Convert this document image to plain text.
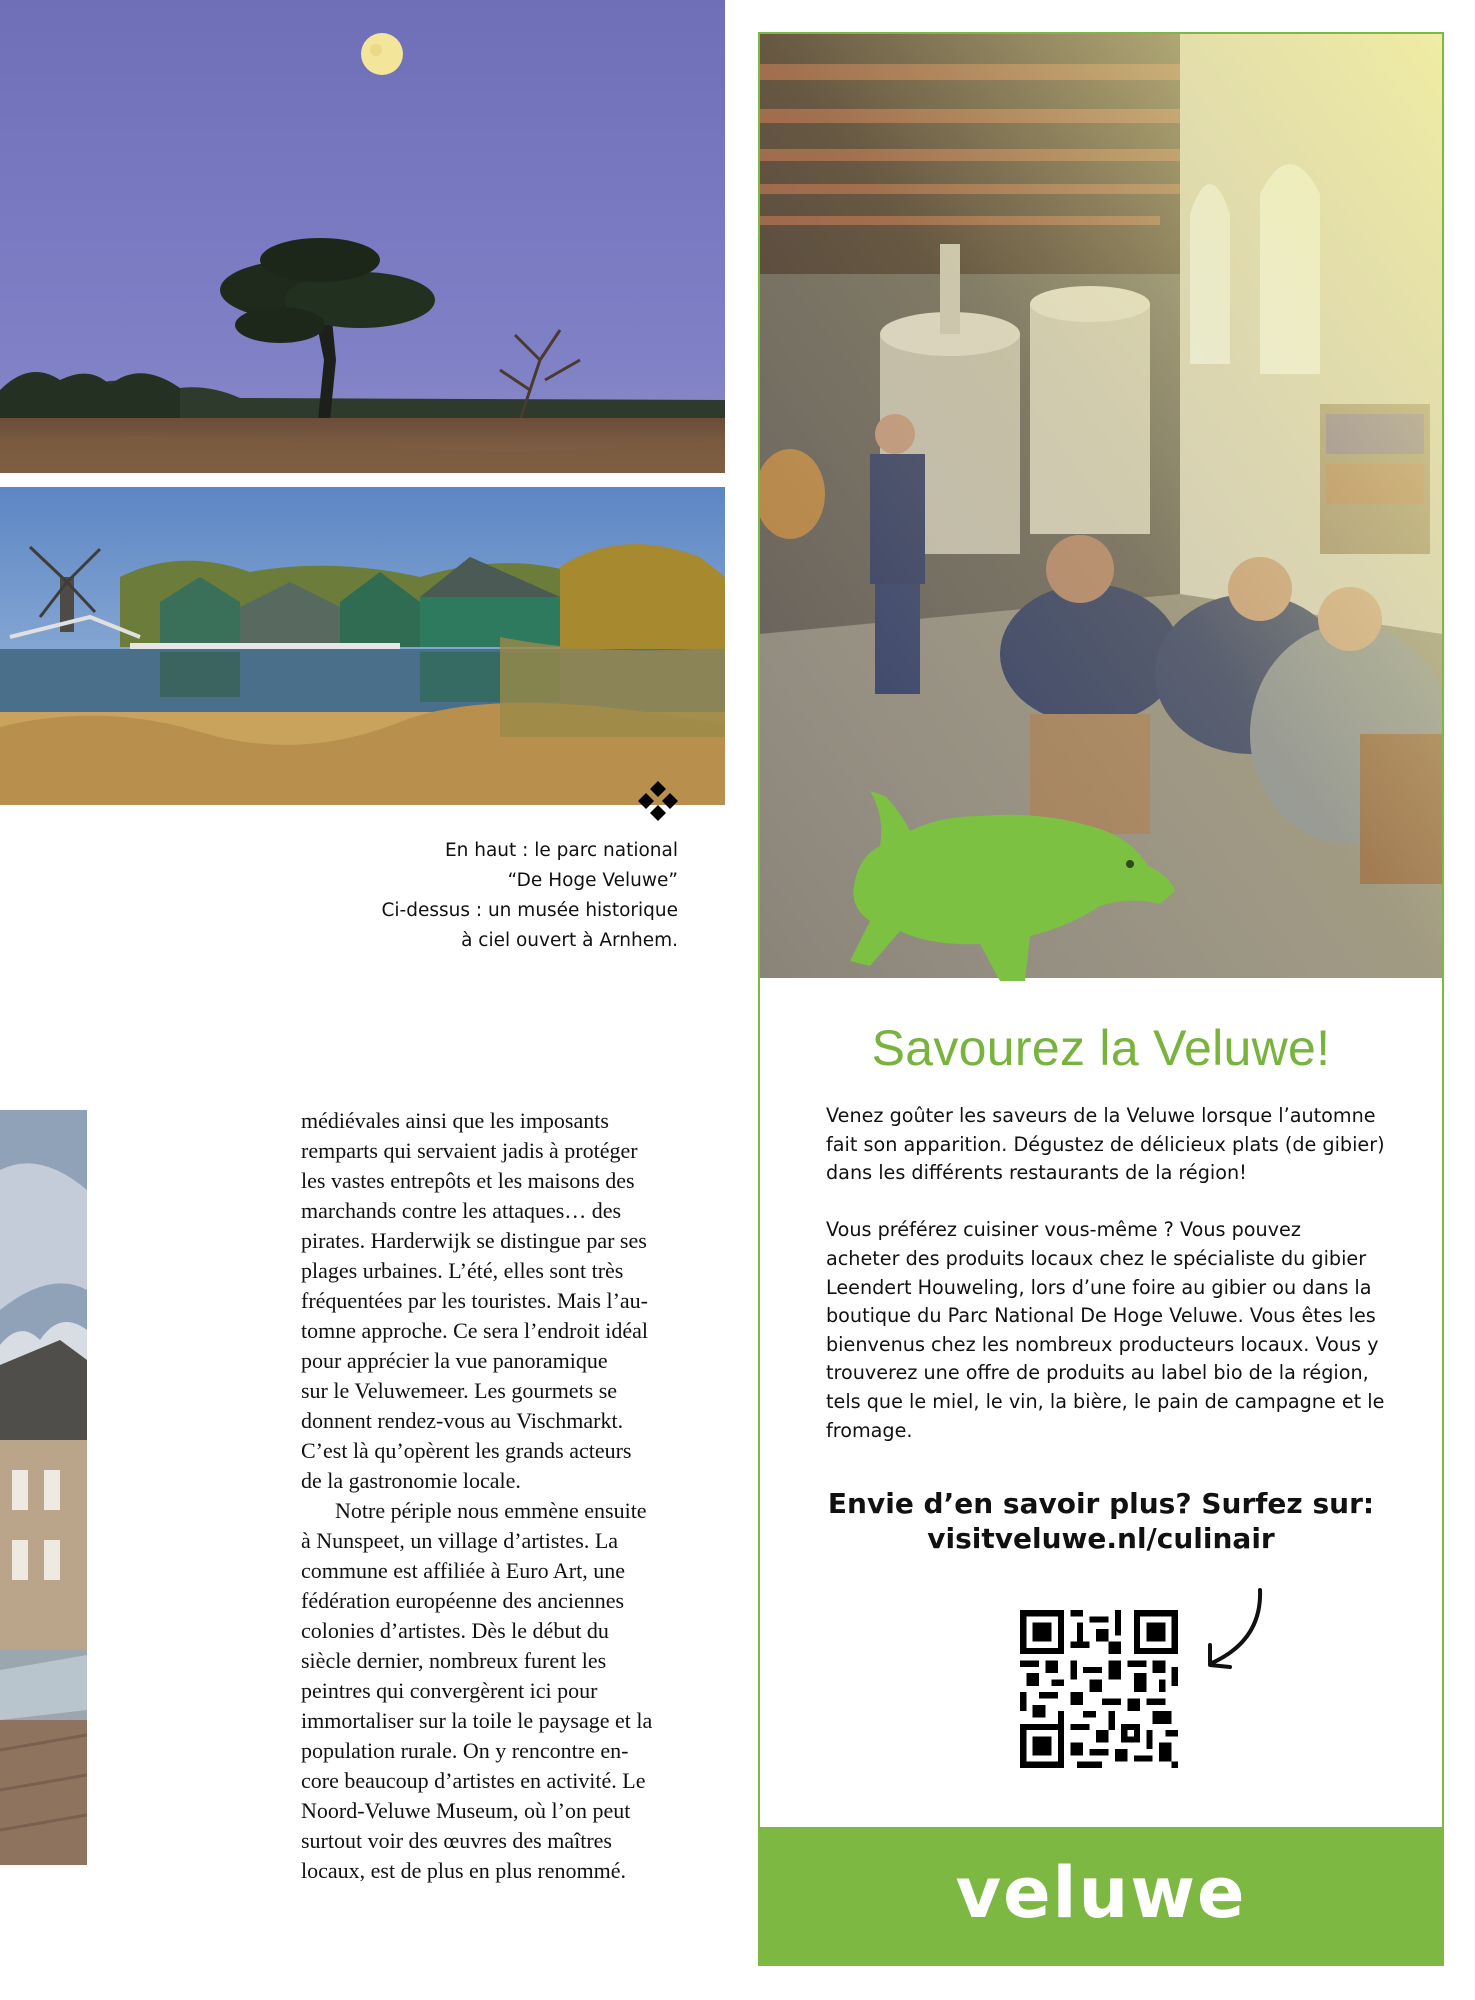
En haut : le parc national
“De Hoge Veluwe”
Ci-dessus : un musée historique
à ciel ouvert à Arnhem.
médiévales ainsi que les imposants
remparts qui servaient jadis à protéger
les vastes entrepôts et les maisons des
marchands contre les attaques… des
pirates. Harderwijk se distingue par ses
plages urbaines. L’été, elles sont très
fréquentées par les touristes. Mais l’au-
tomne approche. Ce sera l’endroit idéal
pour apprécier la vue panoramique
sur le Veluwemeer. Les gourmets se
donnent rendez-vous au Vischmarkt.
C’est là qu’opèrent les grands acteurs
de la gastronomie locale.
Notre périple nous emmène ensuite
à Nunspeet, un village d’artistes. La
commune est affiliée à Euro Art, une
fédération européenne des anciennes
colonies d’artistes. Dès le début du
siècle dernier, nombreux furent les
peintres qui convergèrent ici pour
immortaliser sur la toile le paysage et la
population rurale. On y rencontre en-
core beaucoup d’artistes en activité. Le
Noord-Veluwe Museum, où l’on peut
surtout voir des œuvres des maîtres
locaux, est de plus en plus renommé.
Savourez la Veluwe!
Venez goûter les saveurs de la Veluwe lorsque l’automne
fait son apparition. Dégustez de délicieux plats (de gibier)
dans les différents restaurants de la région!
Vous préférez cuisiner vous-même ? Vous pouvez
acheter des produits locaux chez le spécialiste du gibier
Leendert Houweling, lors d’une foire au gibier ou dans la
boutique du Parc National De Hoge Veluwe. Vous êtes les
bienvenus chez les nombreux producteurs locaux. Vous y
trouverez une offre de produits au label bio de la région,
tels que le miel, le vin, la bière, le pain de campagne et le
fromage.
Envie d’en savoir plus? Surfez sur:
visitveluwe.nl/culinair
veluwe
